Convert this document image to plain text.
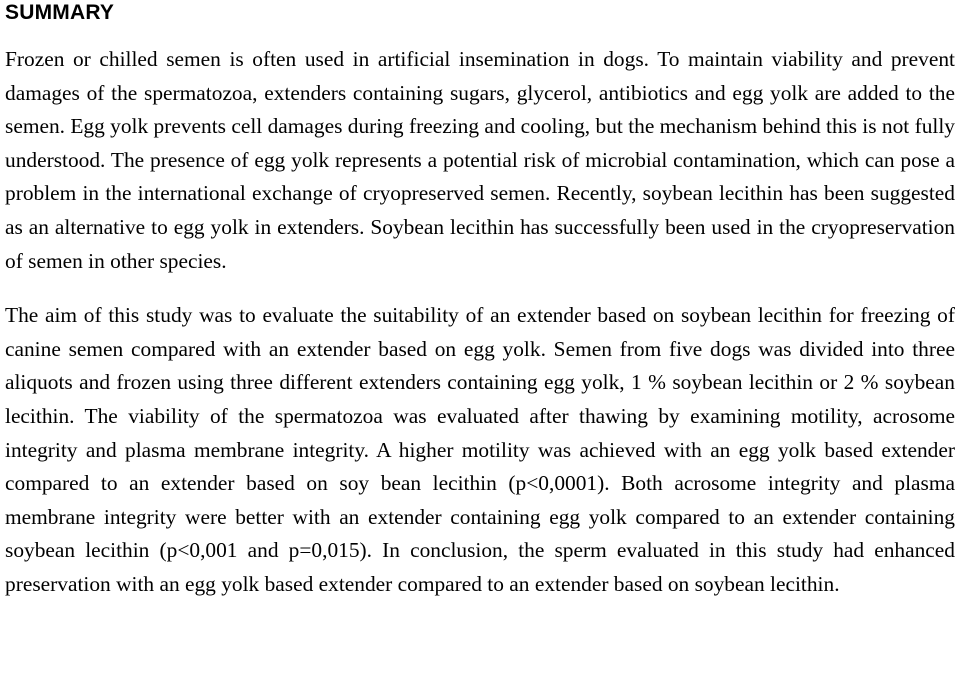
SUMMARY

Frozen or chilled semen is often used in artificial insemination in dogs. To maintain viability and prevent damages of the spermatozoa, extenders containing sugars, glycerol, antibiotics and egg yolk are added to the semen. Egg yolk prevents cell damages during freezing and cooling, but the mechanism behind this is not fully understood. The presence of egg yolk represents a potential risk of microbial contamination, which can pose a problem in the international exchange of cryopreserved semen. Recently, soybean lecithin has been suggested as an alternative to egg yolk in extenders. Soybean lecithin has successfully been used in the cryopreservation of semen in other species.

The aim of this study was to evaluate the suitability of an extender based on soybean lecithin for freezing of canine semen compared with an extender based on egg yolk. Semen from five dogs was divided into three aliquots and frozen using three different extenders containing egg yolk, 1 % soybean lecithin or 2 % soybean lecithin. The viability of the spermatozoa was evaluated after thawing by examining motility, acrosome integrity and plasma membrane integrity. A higher motility was achieved with an egg yolk based extender compared to an extender based on soy bean lecithin (p<0,0001). Both acrosome integrity and plasma membrane integrity were better with an extender containing egg yolk compared to an extender containing soybean lecithin (p<0,001 and p=0,015). In conclusion, the sperm evaluated in this study had enhanced preservation with an egg yolk based extender compared to an extender based on soybean lecithin.
